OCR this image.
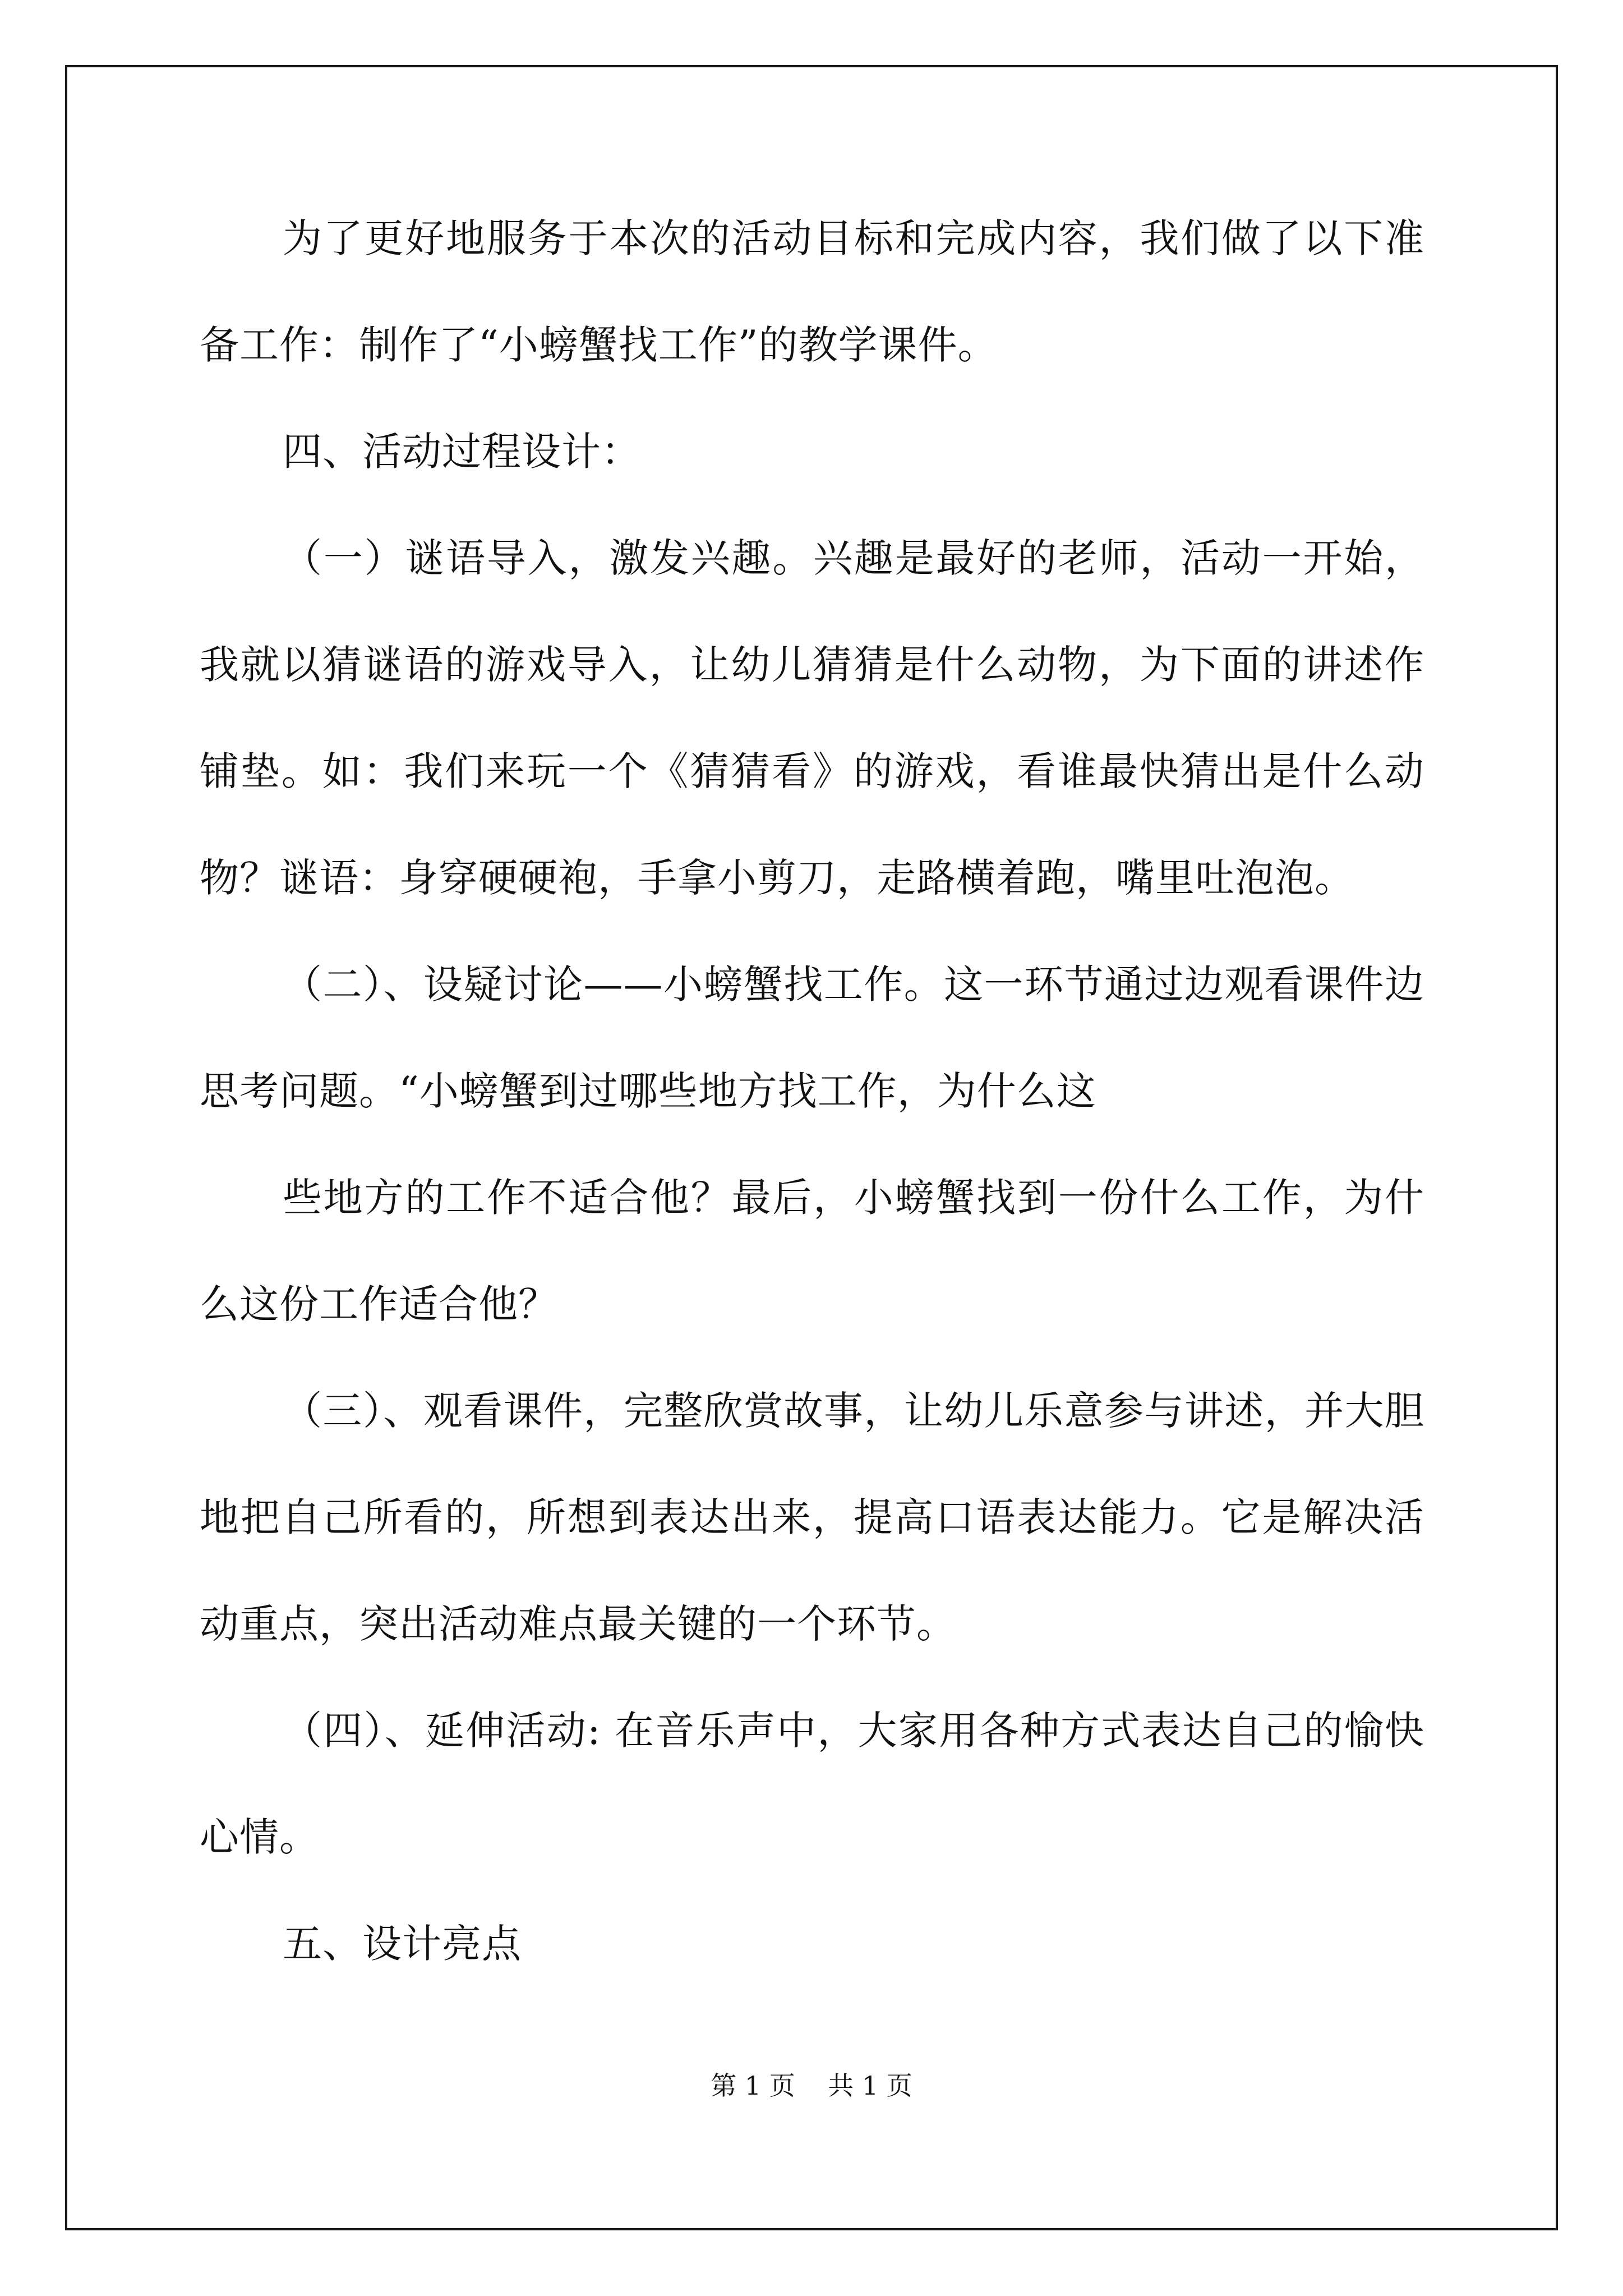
为了更好地服务于本次的活动目标和完成内容，我们做了以下准
备工作：制作了“小螃蟹找工作”的教学课件。
四、活动过程设计：
（一）谜语导入，激发兴趣。兴趣是最好的老师，活动一开始，
我就以猜谜语的游戏导入，让幼儿猜猜是什么动物，为下面的讲述作
铺垫。如：我们来玩一个《猜猜看》的游戏，看谁最快猜出是什么动
物？谜语：身穿硬硬袍，手拿小剪刀，走路横着跑，嘴里吐泡泡。
（二）、设疑讨论——小螃蟹找工作。这一环节通过边观看课件边
思考问题。“小螃蟹到过哪些地方找工作，为什么这
些地方的工作不适合他？最后，小螃蟹找到一份什么工作，为什
么这份工作适合他？
（三）、观看课件，完整欣赏故事，让幼儿乐意参与讲述，并大胆
地把自己所看的，所想到表达出来，提高口语表达能力。它是解决活
动重点，突出活动难点最关键的一个环节。
（四）、延伸活动: 在音乐声中，大家用各种方式表达自己的愉快
心情。
五、设计亮点
第 1 页    共 1 页
